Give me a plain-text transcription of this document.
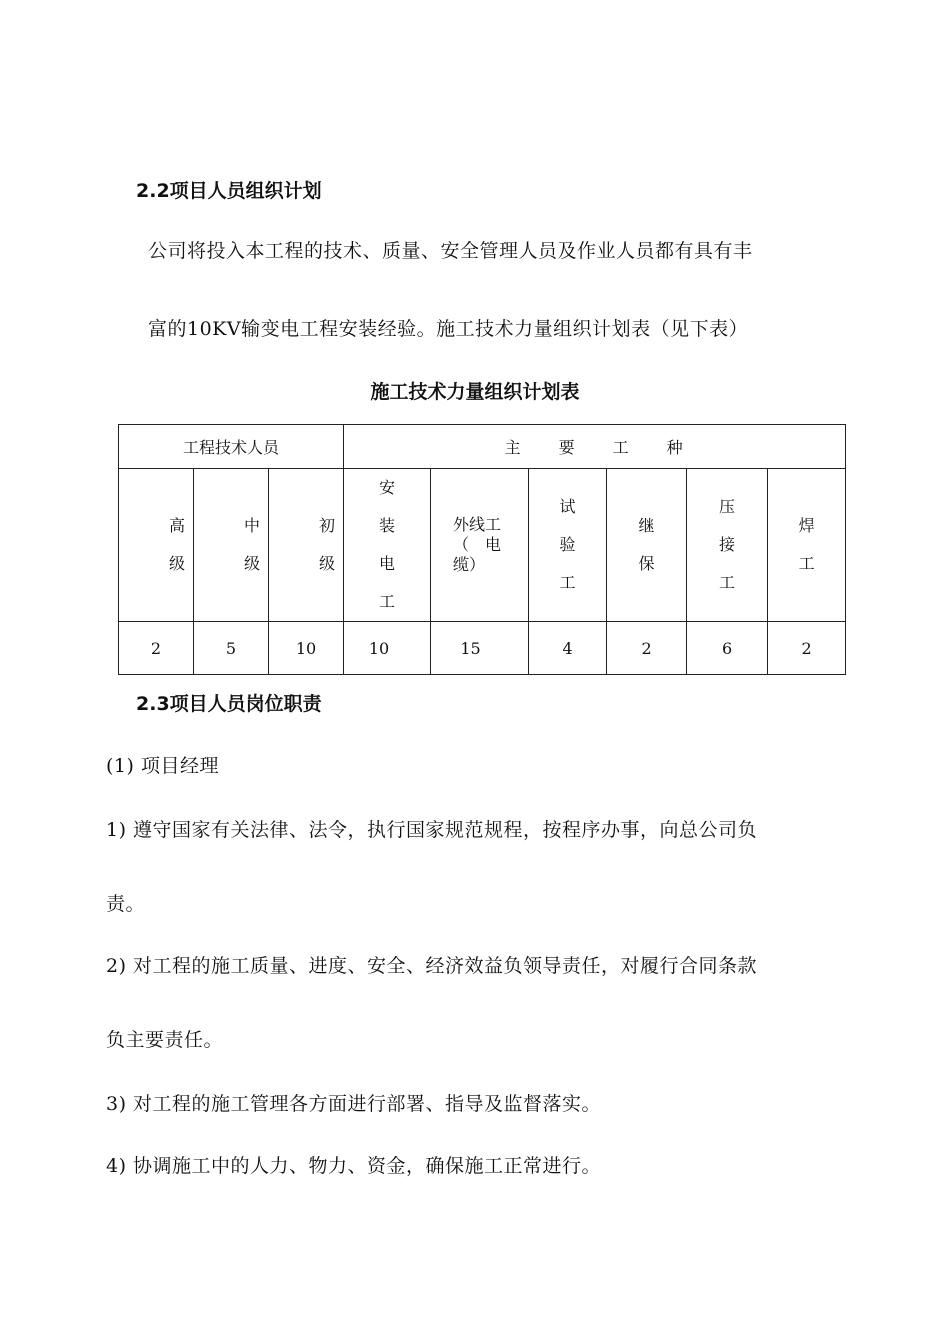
2.2项目人员组织计划
公司将投入本工程的技术、质量、安全管理人员及作业人员都有具有丰
富的10KV输变电工程安装经验。施工技术力量组织计划表（见下表）
施工技术力量组织计划表
工程技术人员			主　　要　　工　　种					

高
级	中
级	初
级	安
装
电
工	外线工
（　电
缆）	试
验
工	继
保	压
接
工	焊
工

2	5	10	10	15	4	2	6	2
2.3项目人员岗位职责
(1) 项目经理
1) 遵守国家有关法律、法令，执行国家规范规程，按程序办事，向总公司负
责。
2) 对工程的施工质量、进度、安全、经济效益负领导责任，对履行合同条款
负主要责任。
3) 对工程的施工管理各方面进行部署、指导及监督落实。
4) 协调施工中的人力、物力、资金，确保施工正常进行。
